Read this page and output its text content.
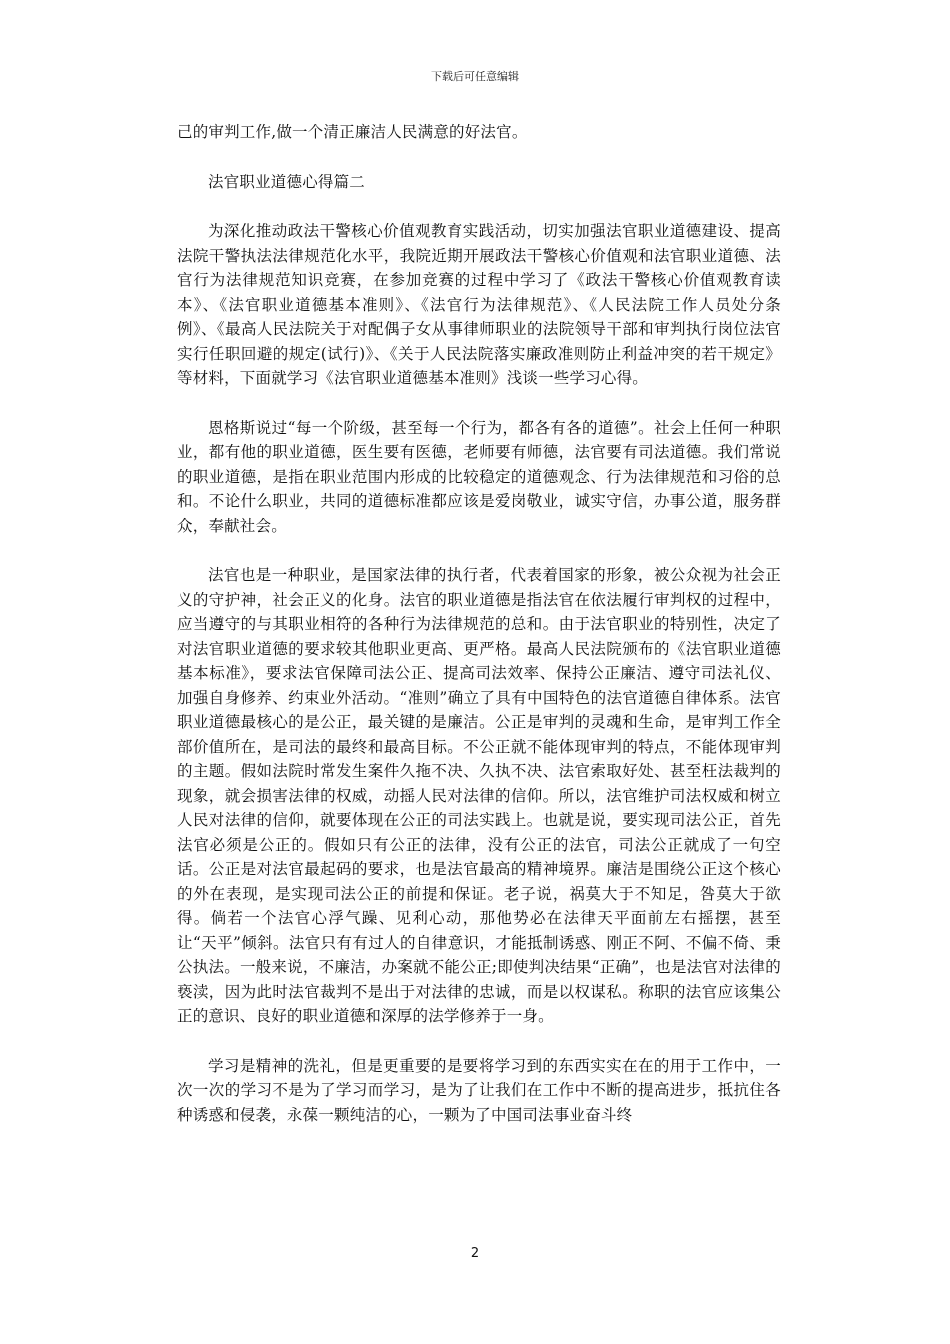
下载后可任意编辑

己的审判工作,做一个清正廉洁人民满意的好法官。

法官职业道德心得篇二

为深化推动政法干警核心价值观教育实践活动，切实加强法官职业道德建设、提高法院干警执法法律规范化水平，我院近期开展政法干警核心价值观和法官职业道德、法官行为法律规范知识竞赛，在参加竞赛的过程中学习了《政法干警核心价值观教育读本》、《法官职业道德基本准则》、《法官行为法律规范》、《人民法院工作人员处分条例》、《最高人民法院关于对配偶子女从事律师职业的法院领导干部和审判执行岗位法官实行任职回避的规定(试行)》、《关于人民法院落实廉政准则防止利益冲突的若干规定》等材料，下面就学习《法官职业道德基本准则》浅谈一些学习心得。

恩格斯说过“每一个阶级，甚至每一个行为，都各有各的道德”。社会上任何一种职业，都有他的职业道德，医生要有医德，老师要有师德，法官要有司法道德。我们常说的职业道德，是指在职业范围内形成的比较稳定的道德观念、行为法律规范和习俗的总和。不论什么职业，共同的道德标准都应该是爱岗敬业，诚实守信，办事公道，服务群众，奉献社会。

法官也是一种职业，是国家法律的执行者，代表着国家的形象，被公众视为社会正义的守护神，社会正义的化身。法官的职业道德是指法官在依法履行审判权的过程中，应当遵守的与其职业相符的各种行为法律规范的总和。由于法官职业的特别性，决定了对法官职业道德的要求较其他职业更高、更严格。最高人民法院颁布的《法官职业道德基本标准》，要求法官保障司法公正、提高司法效率、保持公正廉洁、遵守司法礼仪、加强自身修养、约束业外活动。“准则”确立了具有中国特色的法官道德自律体系。法官职业道德最核心的是公正，最关键的是廉洁。公正是审判的灵魂和生命，是审判工作全部价值所在，是司法的最终和最高目标。不公正就不能体现审判的特点，不能体现审判的主题。假如法院时常发生案件久拖不决、久执不决、法官索取好处、甚至枉法裁判的现象，就会损害法律的权威，动摇人民对法律的信仰。所以，法官维护司法权威和树立人民对法律的信仰，就要体现在公正的司法实践上。也就是说，要实现司法公正，首先法官必须是公正的。假如只有公正的法律，没有公正的法官，司法公正就成了一句空话。公正是对法官最起码的要求，也是法官最高的精神境界。廉洁是围绕公正这个核心的外在表现，是实现司法公正的前提和保证。老子说，祸莫大于不知足，咎莫大于欲得。倘若一个法官心浮气躁、见利心动，那他势必在法律天平面前左右摇摆，甚至让“天平”倾斜。法官只有有过人的自律意识，才能抵制诱惑、刚正不阿、不偏不倚、秉公执法。一般来说，不廉洁，办案就不能公正;即使判决结果“正确”，也是法官对法律的亵渎，因为此时法官裁判不是出于对法律的忠诚，而是以权谋私。称职的法官应该集公正的意识、良好的职业道德和深厚的法学修养于一身。

学习是精神的洗礼，但是更重要的是要将学习到的东西实实在在的用于工作中，一次一次的学习不是为了学习而学习，是为了让我们在工作中不断的提高进步，抵抗住各种诱惑和侵袭，永葆一颗纯洁的心，一颗为了中国司法事业奋斗终

2
